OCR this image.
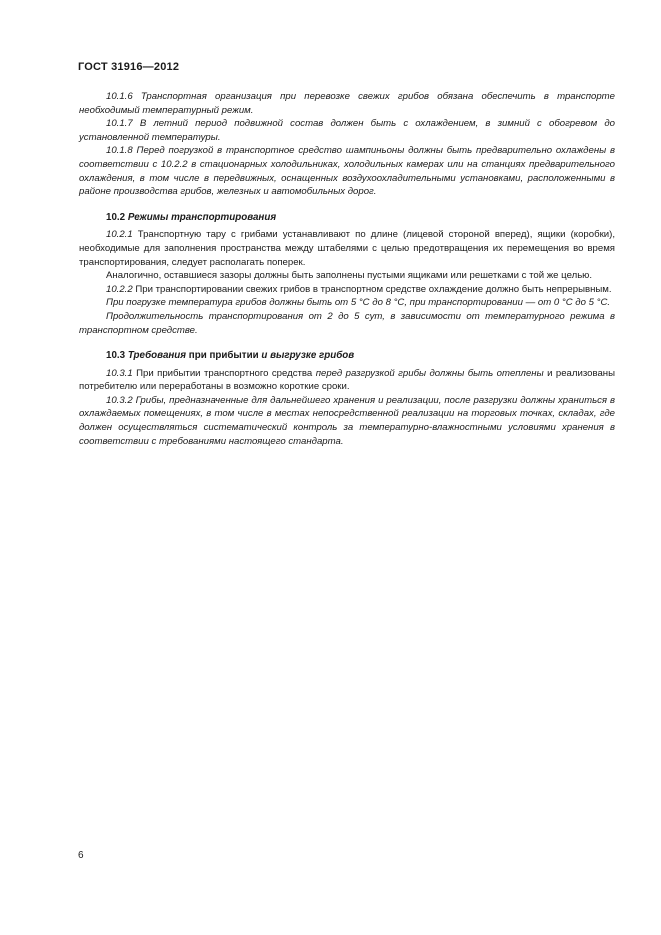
ГОСТ 31916—2012

10.1.6 Транспортная организация при перевозке свежих грибов обязана обеспечить в транспорте необходимый температурный режим.

10.1.7 В летний период подвижной состав должен быть с охлаждением, в зимний с обогревом до установленной температуры.

10.1.8 Перед погрузкой в транспортное средство шампиньоны должны быть предварительно охлаждены в соответствии с 10.2.2 в стационарных холодильниках, холодильных камерах или на станциях предварительного охлаждения, в том числе в передвижных, оснащенных воздухоохладительными установками, расположенными в районе производства грибов, железных и автомобильных дорог.

10.2 Режимы транспортирования

10.2.1 Транспортную тару с грибами устанавливают по длине (лицевой стороной вперед), ящики (коробки), необходимые для заполнения пространства между штабелями с целью предотвращения их перемещения во время транспортирования, следует располагать поперек.

Аналогично, оставшиеся зазоры должны быть заполнены пустыми ящиками или решетками с той же целью.

10.2.2 При транспортировании свежих грибов в транспортном средстве охлаждение должно быть непрерывным.

При погрузке температура грибов должны быть от 5 °С до 8 °С, при транспортировании — от 0 °С до 5 °С.

Продолжительность транспортирования от 2 до 5 сут, в зависимости от температурного режима в транспортном средстве.

10.3 Требования при прибытии и выгрузке грибов

10.3.1 При прибытии транспортного средства перед разгрузкой грибы должны быть отеплены и реализованы потребителю или переработаны в возможно короткие сроки.

10.3.2 Грибы, предназначенные для дальнейшего хранения и реализации, после разгрузки должны храниться в охлаждаемых помещениях, в том числе в местах непосредственной реализации на торговых точках, складах, где должен осуществляться систематический контроль за температурно-влажностными условиями хранения в соответствии с требованиями настоящего стандарта.

6
